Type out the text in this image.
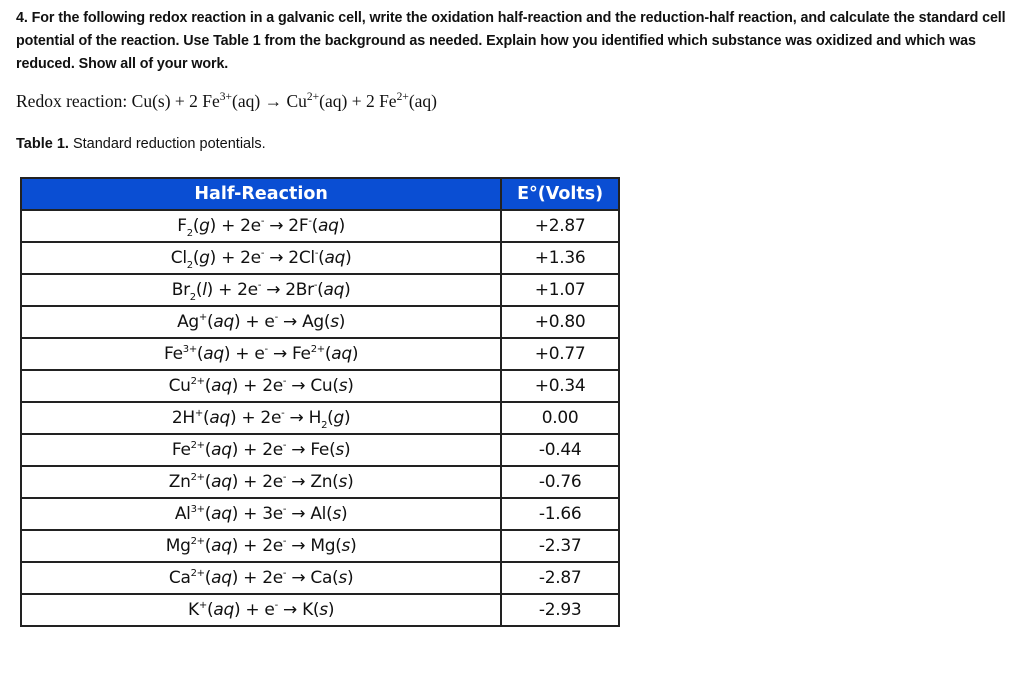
4. For the following redox reaction in a galvanic cell, write the oxidation half-reaction and the reduction-half reaction, and calculate the standard cell potential of the reaction. Use Table 1 from the background as needed. Explain how you identified which substance was oxidized and which was reduced. Show all of your work.
Redox reaction: Cu(s) + 2 $Fe^{3+}(aq) \to Cu^{2+}(aq) + 2$ $Fe^{2+}(aq)$
Table 1. Standard reduction potentials.
Half-Reaction	E°(Volts)
$F_2(g) + 2e^- \to 2F^-(aq)$	+2.87
$Cl_2(g) + 2e^- \to 2Cl^-(aq)$	+1.36
$Br_2(l) + 2e^- \to 2Br^-(aq)$	+1.07
Ag+(aq) + e- → Ag(s)	+0.80
$Fe^{3+}(aq) + e^- \to Fe^{2+}(aq)$	+0.77
$Cu^{2+}(aq) + 2e^- \to Cu(s)$	+0.34
$2H^+(aq) + 2e^- \to H_2(g)$	0.00
$Fe^{2+}(aq) + 2e^- \to Fe(s)$	-0.44
$Zn^{2+}(aq) + 2e^- \to Zn(s)$	-0.76
$Al^{3+}(aq) + 3e^- \to Al(s)$	-1.66
$Mg^{2+}(aq) + 2e^- \to Mg(s)$	-2.37
$Ca^{2+}(aq) + 2e^- \to Ca(s)$	-2.87
K+(aq) + e- → K(s)	-2.93
